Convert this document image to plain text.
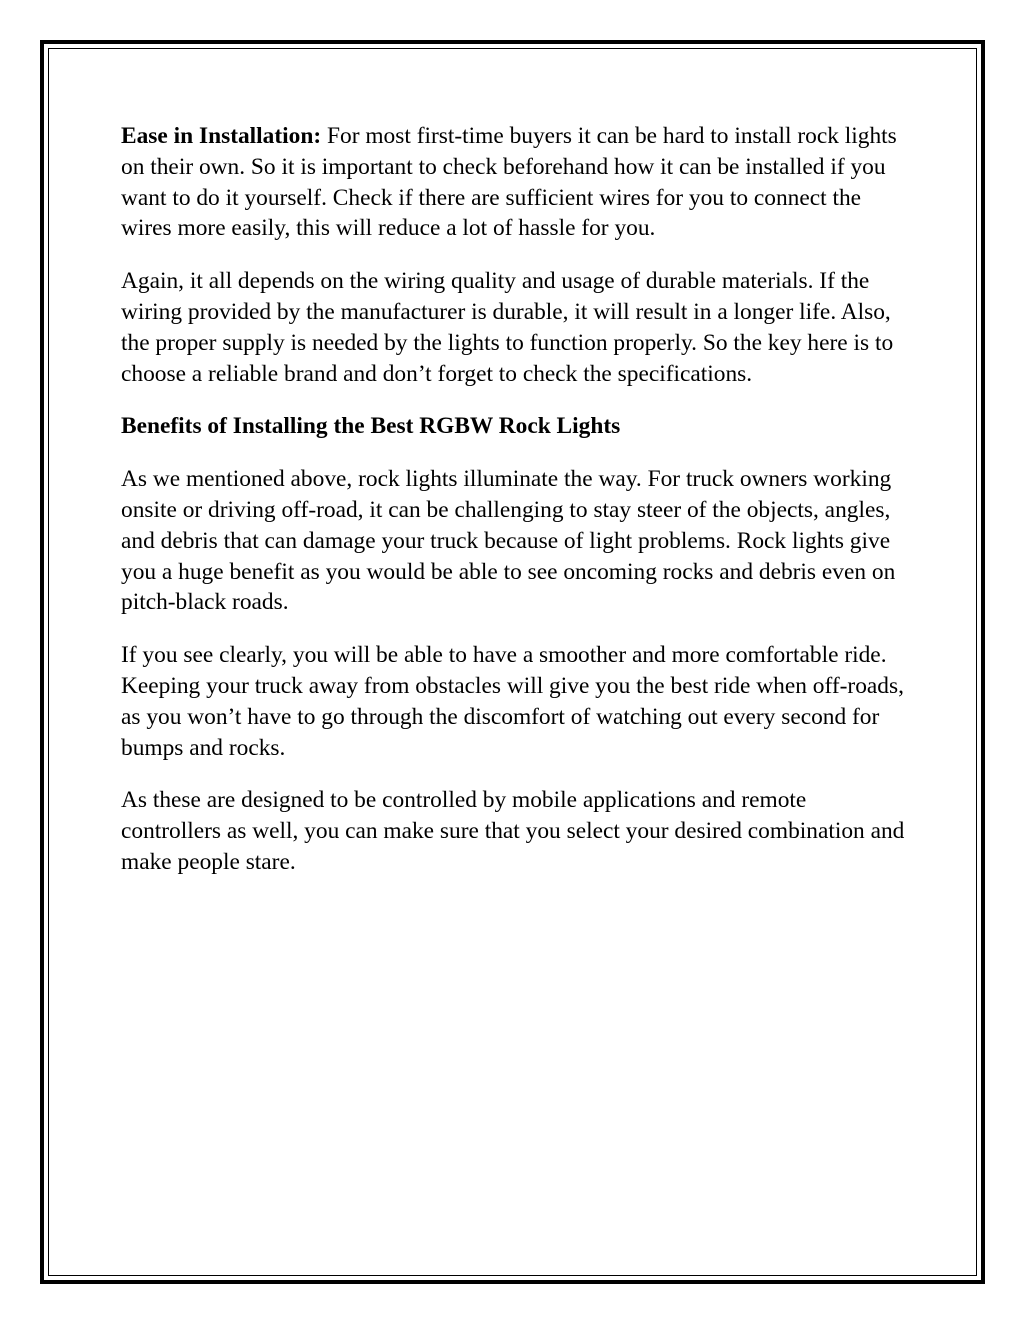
Ease in Installation: For most first-time buyers it can be hard to install rock lights on their own. So it is important to check beforehand how it can be installed if you want to do it yourself. Check if there are sufficient wires for you to connect the wires more easily, this will reduce a lot of hassle for you.

Again, it all depends on the wiring quality and usage of durable materials. If the wiring provided by the manufacturer is durable, it will result in a longer life. Also, the proper supply is needed by the lights to function properly. So the key here is to choose a reliable brand and don’t forget to check the specifications.

Benefits of Installing the Best RGBW Rock Lights

As we mentioned above, rock lights illuminate the way. For truck owners working onsite or driving off-road, it can be challenging to stay steer of the objects, angles, and debris that can damage your truck because of light problems. Rock lights give you a huge benefit as you would be able to see oncoming rocks and debris even on pitch-black roads.

If you see clearly, you will be able to have a smoother and more comfortable ride. Keeping your truck away from obstacles will give you the best ride when off-roads, as you won’t have to go through the discomfort of watching out every second for bumps and rocks.

As these are designed to be controlled by mobile applications and remote controllers as well, you can make sure that you select your desired combination and make people stare.
